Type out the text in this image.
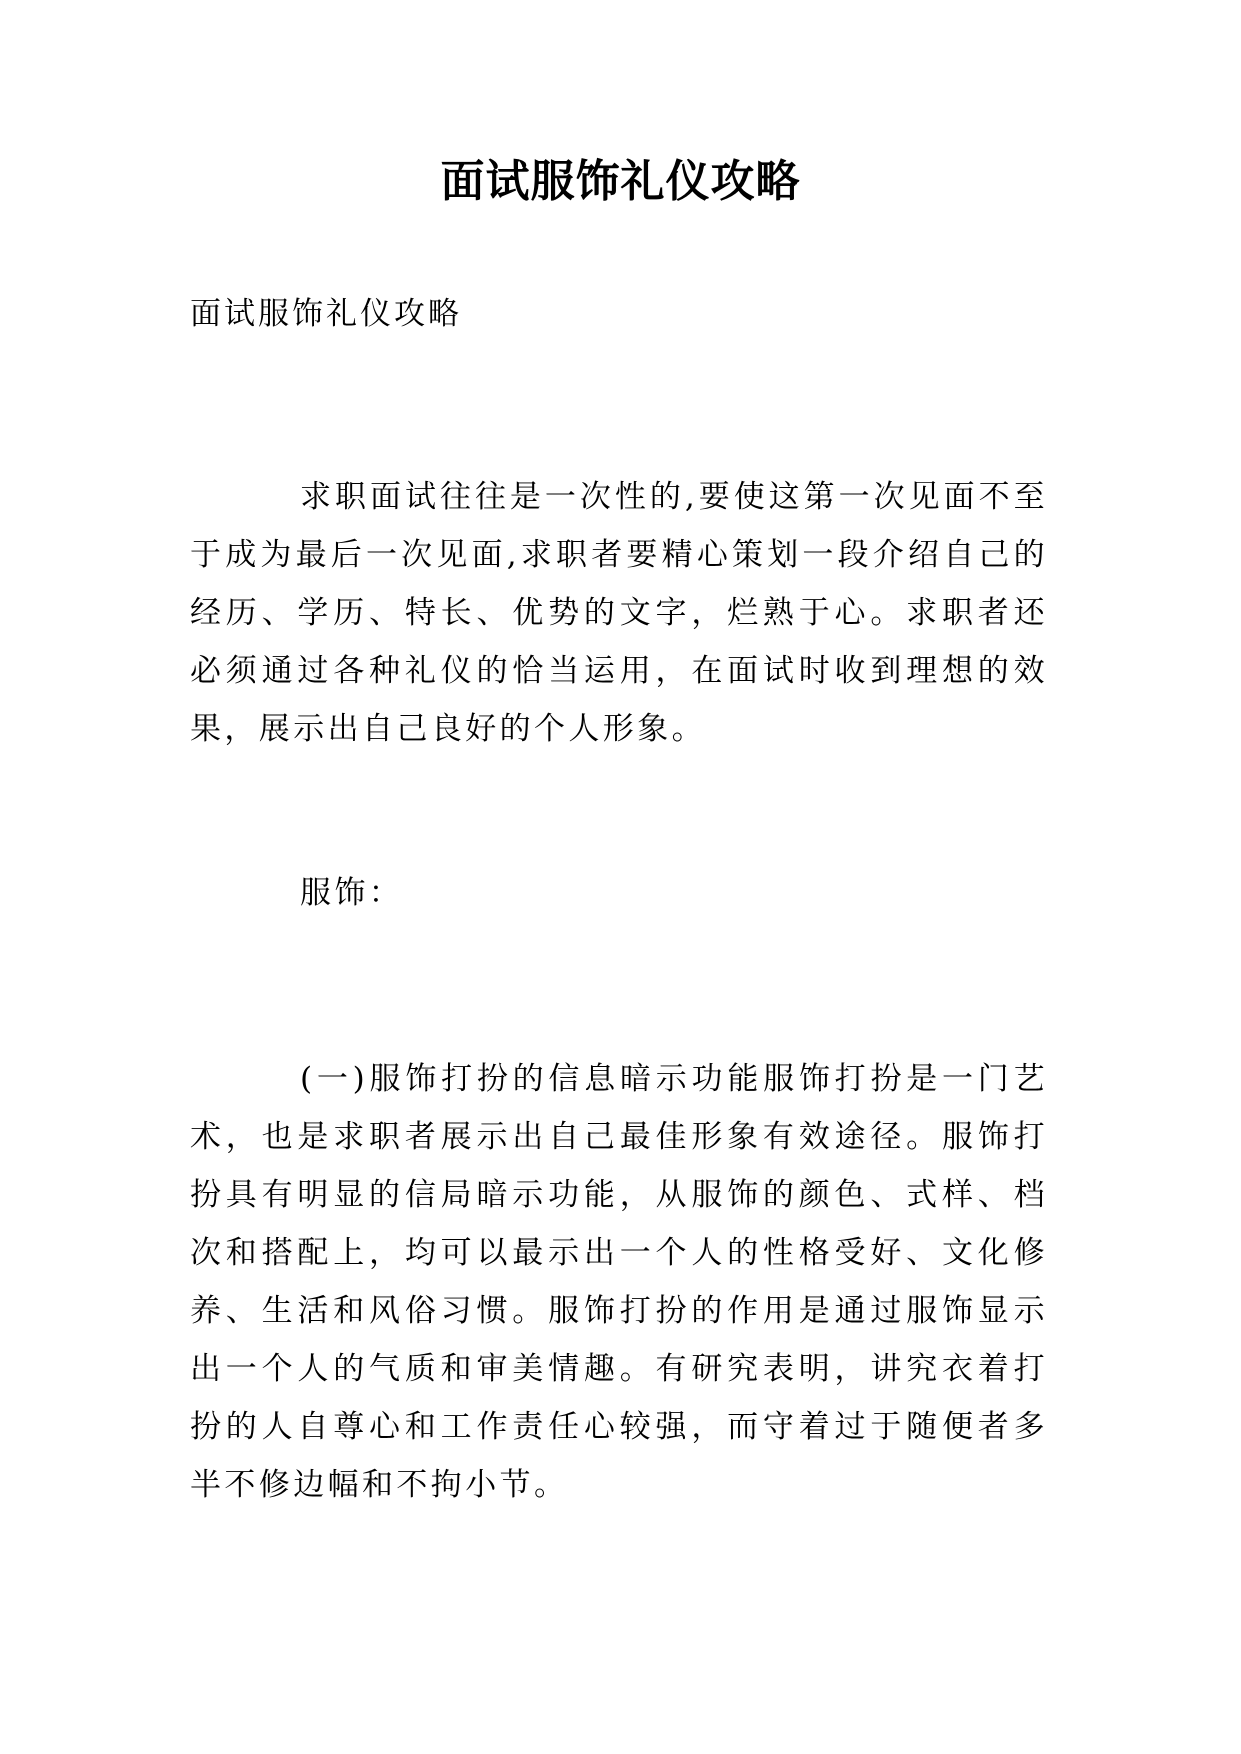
面试服饰礼仪攻略
面试服饰礼仪攻略

求职面试往往是一次性的,要使这第一次见面不至于成为最后一次见面,求职者要精心策划一段介绍自己的经历、学历、特长、优势的文字，烂熟于心。求职者还必须通过各种礼仪的恰当运用，在面试时收到理想的效果，展示出自己良好的个人形象。

服饰：

(一)服饰打扮的信息暗示功能服饰打扮是一门艺术，也是求职者展示出自己最佳形象有效途径。服饰打扮具有明显的信局暗示功能，从服饰的颜色、式样、档次和搭配上，均可以最示出一个人的性格受好、文化修养、生活和风俗习惯。服饰打扮的作用是通过服饰显示出一个人的气质和审美情趣。有研究表明，讲究衣着打扮的人自尊心和工作责任心较强，而守着过于随便者多半不修边幅和不拘小节。
